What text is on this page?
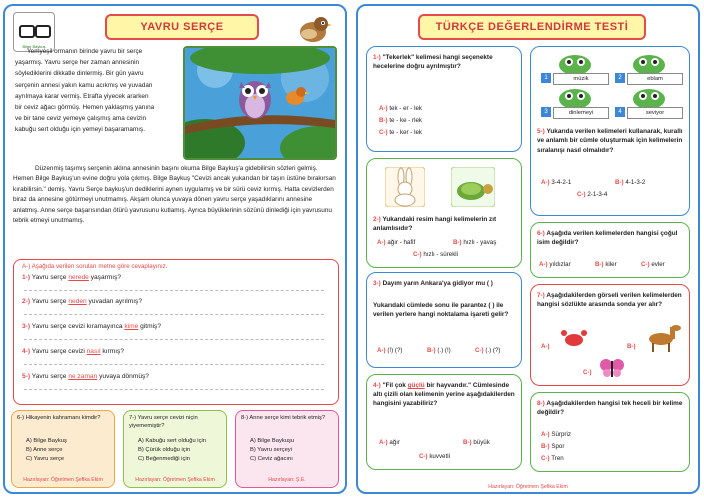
Bilge Baykuş
YAVRU SERÇE
Yemyeşil ormanın birinde yavru bir serçe
yaşarmış. Yavru serçe her zaman annesinin
söylediklerini dikkatle dinlermiş. Bir gün yavru
serçenin annesi yakın kamu acıkmış ve yuvadan
ayrılmaya karar vermiş. Etrafta yiyecek ararken
bir ceviz ağacı görmüş. Hemen yaklaşmış yanına
ve bir tane ceviz yemeye çalışmış ama cevizin
kabuğu sert olduğu için yemeyi başaramamış.
Düzenmiş taşımış serçenin aklına annesinin başını okuma Bilge Baykuş'a gidebilirsin sözleri gelmiş. Hemen Bilge Baykuş'un evine doğru yola çıkmış. Bilge Baykuş "Cevizi ancak yukarıdan bir taşın üstüne bırakırsan kırabilirsin." demiş. Yavru Serçe baykuş'un dediklerini aynen uygulamış ve bir sürü ceviz kırmış. Hatta cevizlerden biraz da annesine götürmeyi unutmamış. Akşam olunca yuvaya dönen yavru serçe yaşadıklarını annesine anlatmış. Anne serçe başarısından ötürü yavrusunu kutlamış. Ayrıca büyüklerinin sözünü dinlediği için yavrusunu tebrik etmeyi unutmamış.
A-) Aşağıda verilen soruları metne göre cevaplayınız.
1-) Yavru serçe nerede yaşarmış?
2-) Yavru serçe neden yuvadan ayrılmış?
3-) Yavru serçe cevizi kıramayınca kime gitmiş?
4-) Yavru serçe cevizi nasıl kırmış?
5-) Yavru serçe ne zaman yuvaya dönmüş?
6-) Hikayenin kahramanı kimdir?
A) Bilge Baykuş
B) Anne serçe
C) Yavru serçe
Hazırlayan: Öğretmen Şefika Ekim
7-) Yavru serçe cevizi niçin yiyememiştir?
A) Kabuğu sert olduğu için
B) Çürük olduğu için
C) Beğenmediği için
Hazırlayan: Öğretmen Şefika Ekim
8-) Anne serçe kimi tebrik etmiş?
A) Bilge Baykuşu
B) Yavru serçeyi
C) Ceviz ağacını
Hazırlayan: Ş.E.
TÜRKÇE DEĞERLENDİRME TESTİ
1-) "Tekerlek" kelimesi hangi seçenekte hecelerine doğru ayrılmıştır?
A-) tek - er - lek
B-) te - ke - rlek
C-) te - ker - lek
2-) Yukarıdaki resim hangi kelimelerin zıt anlamlısıdır?
A-) ağır - hafif	B-) hızlı - yavaş
C-) hızlı - sürekli
3-) Dayım yarın Ankara'ya gidiyor mu ( )
Yukarıdaki cümlede sonu ile parantez ( ) ile verilen yerlere hangi noktalama işareti gelir?
A-) (!) (?)	B-) (.) (!)	C-) (.) (?)
4-) "Fil çok güçlü bir hayvandır." Cümlesinde altı çizili olan kelimenin yerine aşağıdakilerden hangisini yazabiliriz?
A-) ağır	B-) büyük
C-) kuvvetli
1	müzik	2	eblam
3	dinlemeyi	4	seviyor
5-) Yukarıda verilen kelimeleri kullanarak, kurallı ve anlamlı bir cümle oluşturmak için kelimelerin sıralanışı nasıl olmalıdır?
A-) 3-4-2-1	B-) 4-1-3-2
C-) 2-1-3-4
6-) Aşağıda verilen kelimelerden hangisi çoğul isim değildir?
A-) yıldızlar	B-) kiler	C-) evler
7-) Aşağıdakilerden görseli verilen kelimelerden hangisi sözlükte arasında sonda yer alır?
A-)	B-)
C-)
8-) Aşağıdakilerden hangisi tek heceli bir kelime değildir?
A-) Sürpriz
B-) Spor
C-) Tren
Hazırlayan: Öğretmen Şefika Ekim
